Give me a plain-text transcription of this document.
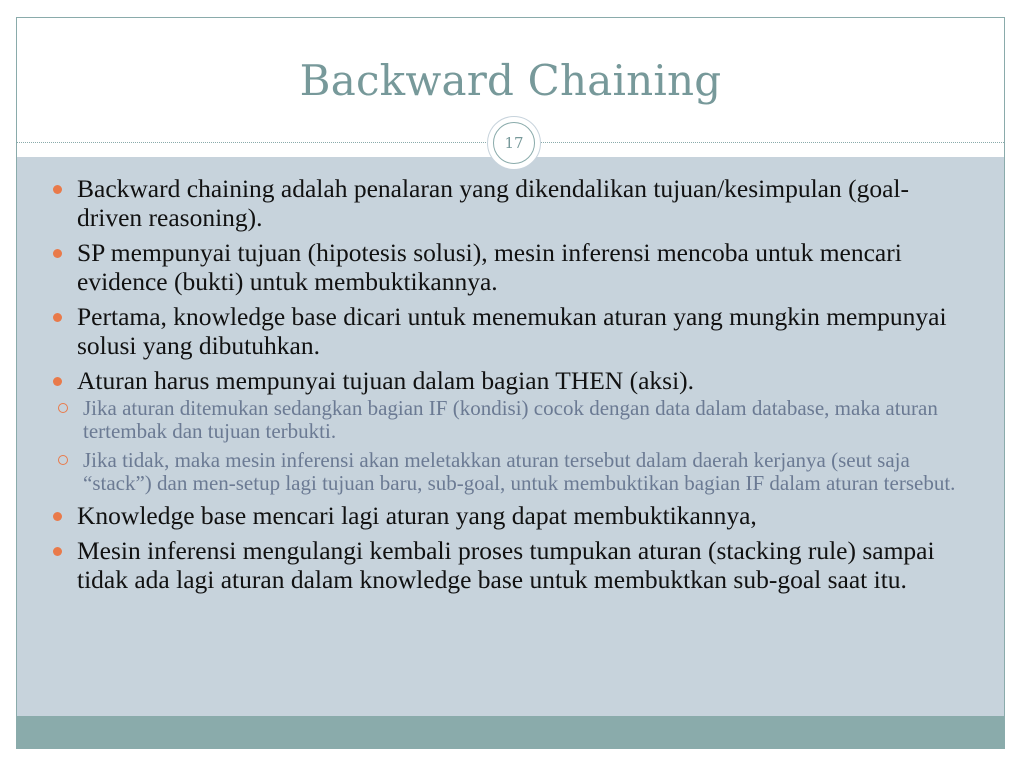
Backward Chaining
17
Backward chaining adalah penalaran yang dikendalikan tujuan/kesimpulan (goal-driven reasoning).
SP mempunyai tujuan (hipotesis solusi), mesin inferensi mencoba untuk mencari evidence (bukti) untuk membuktikannya.
Pertama, knowledge base dicari untuk menemukan aturan yang mungkin mempunyai solusi yang dibutuhkan.
Aturan harus mempunyai tujuan dalam bagian THEN (aksi).
Jika aturan ditemukan sedangkan bagian IF (kondisi) cocok dengan data dalam database, maka aturan tertembak dan tujuan terbukti.
Jika tidak, maka mesin inferensi akan meletakkan aturan tersebut dalam daerah kerjanya (seut saja “stack”) dan men-setup lagi tujuan baru, sub-goal, untuk membuktikan bagian IF dalam aturan tersebut.
Knowledge base mencari lagi aturan yang dapat membuktikannya,
Mesin inferensi mengulangi kembali proses tumpukan aturan (stacking rule) sampai tidak ada lagi aturan dalam knowledge base untuk membuktkan sub-goal saat itu.
